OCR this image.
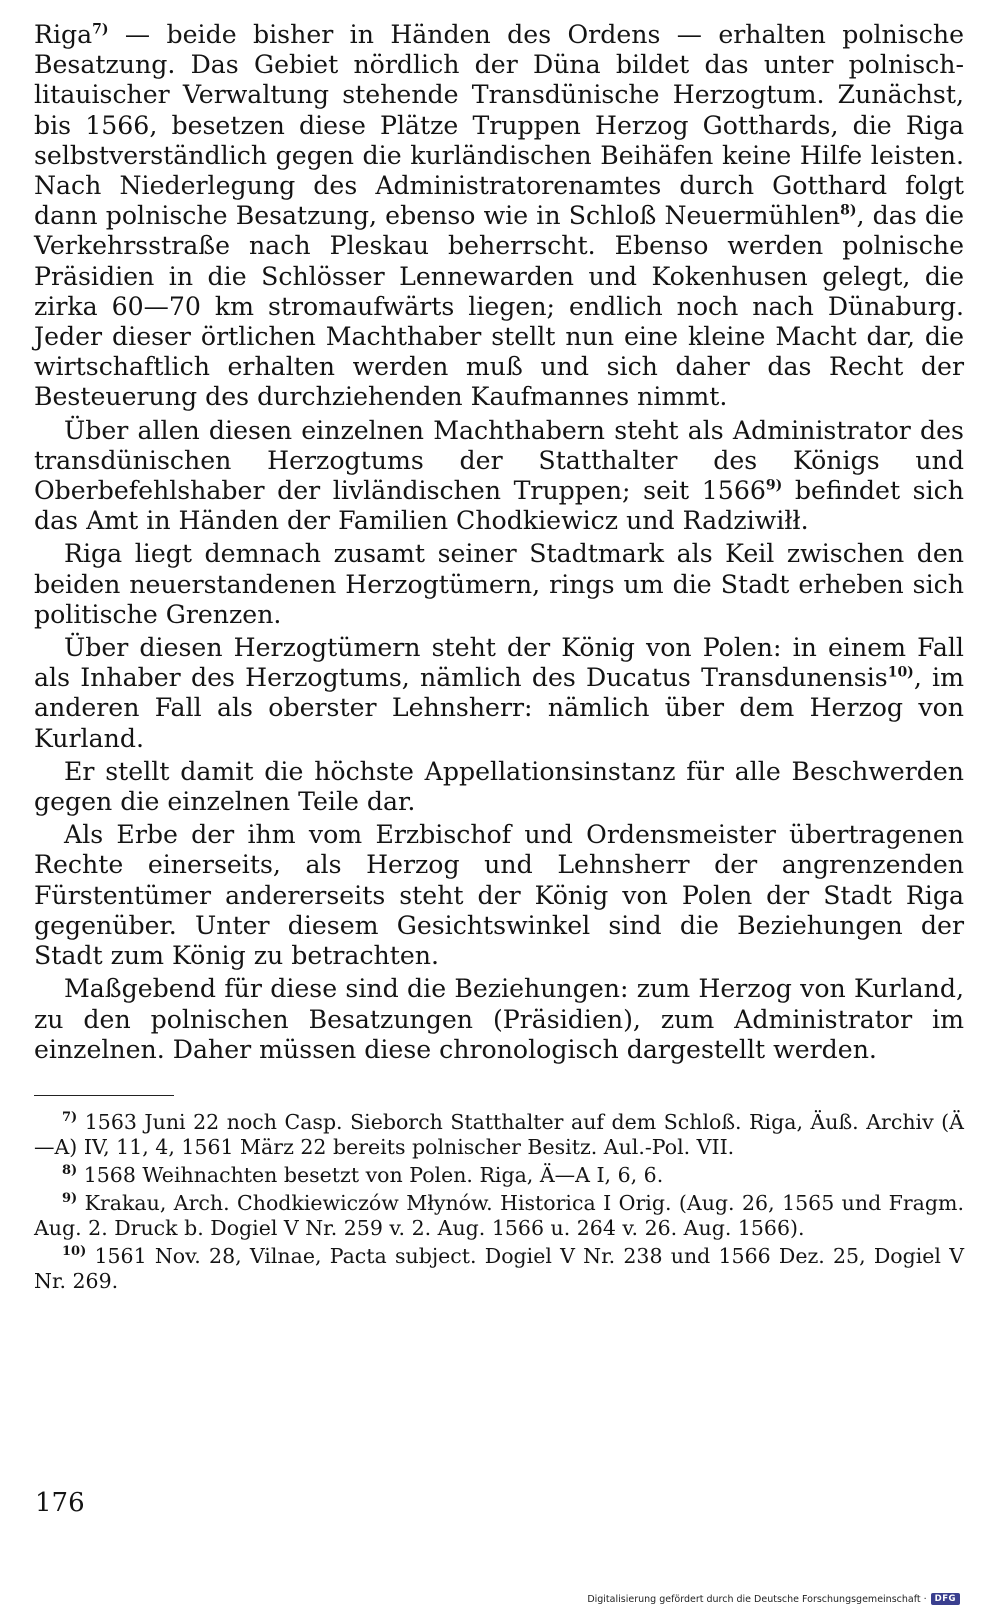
Riga$^{7)}$ — beide bisher in Händen des Ordens — erhalten polnische Besatzung. Das Gebiet nördlich der Düna bildet das unter polnisch-litauischer Verwaltung stehende Transdünische Herzogtum. Zunächst, bis 1566, besetzen diese Plätze Truppen Herzog Gotthards, die Riga selbstverständlich gegen die kurländischen Beihäfen keine Hilfe leisten. Nach Niederlegung des Administratorenamtes durch Gotthard folgt dann polnische Besatzung, ebenso wie in Schloß Neuermühlen$^{8)}$, das die Verkehrsstraße nach Pleskau beherrscht. Ebenso werden polnische Präsidien in die Schlösser Lennewarden und Kokenhusen gelegt, die zirka 60—70 km stromaufwärts liegen; endlich noch nach Dünaburg. Jeder dieser örtlichen Machthaber stellt nun eine kleine Macht dar, die wirtschaftlich erhalten werden muß und sich daher das Recht der Besteuerung des durchziehenden Kaufmannes nimmt.

Über allen diesen einzelnen Machthabern steht als Administrator des transdünischen Herzogtums der Statthalter des Königs und Oberbefehlshaber der livländischen Truppen; seit 1566$^{9)}$ befindet sich das Amt in Händen der Familien Chodkiewicz und Radziwiłł.

Riga liegt demnach zusamt seiner Stadtmark als Keil zwischen den beiden neuerstandenen Herzogtümern, rings um die Stadt erheben sich politische Grenzen.

Über diesen Herzogtümern steht der König von Polen: in einem Fall als Inhaber des Herzogtums, nämlich des Ducatus Transdunensis$^{10)}$, im anderen Fall als oberster Lehnsherr: nämlich über dem Herzog von Kurland.

Er stellt damit die höchste Appellationsinstanz für alle Beschwerden gegen die einzelnen Teile dar.

Als Erbe der ihm vom Erzbischof und Ordensmeister übertragenen Rechte einerseits, als Herzog und Lehnsherr der angrenzenden Fürstentümer andererseits steht der König von Polen der Stadt Riga gegenüber. Unter diesem Gesichtswinkel sind die Beziehungen der Stadt zum König zu betrachten.

Maßgebend für diese sind die Beziehungen: zum Herzog von Kurland, zu den polnischen Besatzungen (Präsidien), zum Administrator im einzelnen. Daher müssen diese chronologisch dargestellt werden.

$^{7)}$ 1563 Juni 22 noch Casp. Sieborch Statthalter auf dem Schloß. Riga, Äuß. Archiv (Ä—A) IV, 11, 4, 1561 März 22 bereits polnischer Besitz. Aul.-Pol. VII.

$^{8)}$ 1568 Weihnachten besetzt von Polen. Riga, Ä—A I, 6, 6.

$^{9)}$ Krakau, Arch. Chodkiewiczów Młynów. Historica I Orig. (Aug. 26, 1565 und Fragm. Aug. 2. Druck b. Dogiel V Nr. 259 v. 2. Aug. 1566 u. 264 v. 26. Aug. 1566).

$^{10)}$ 1561 Nov. 28, Vilnae, Pacta subject. Dogiel V Nr. 238 und 1566 Dez. 25, Dogiel V Nr. 269.

176
Digitalisierung gefördert durch die Deutsche Forschungsgemeinschaft · DFG
